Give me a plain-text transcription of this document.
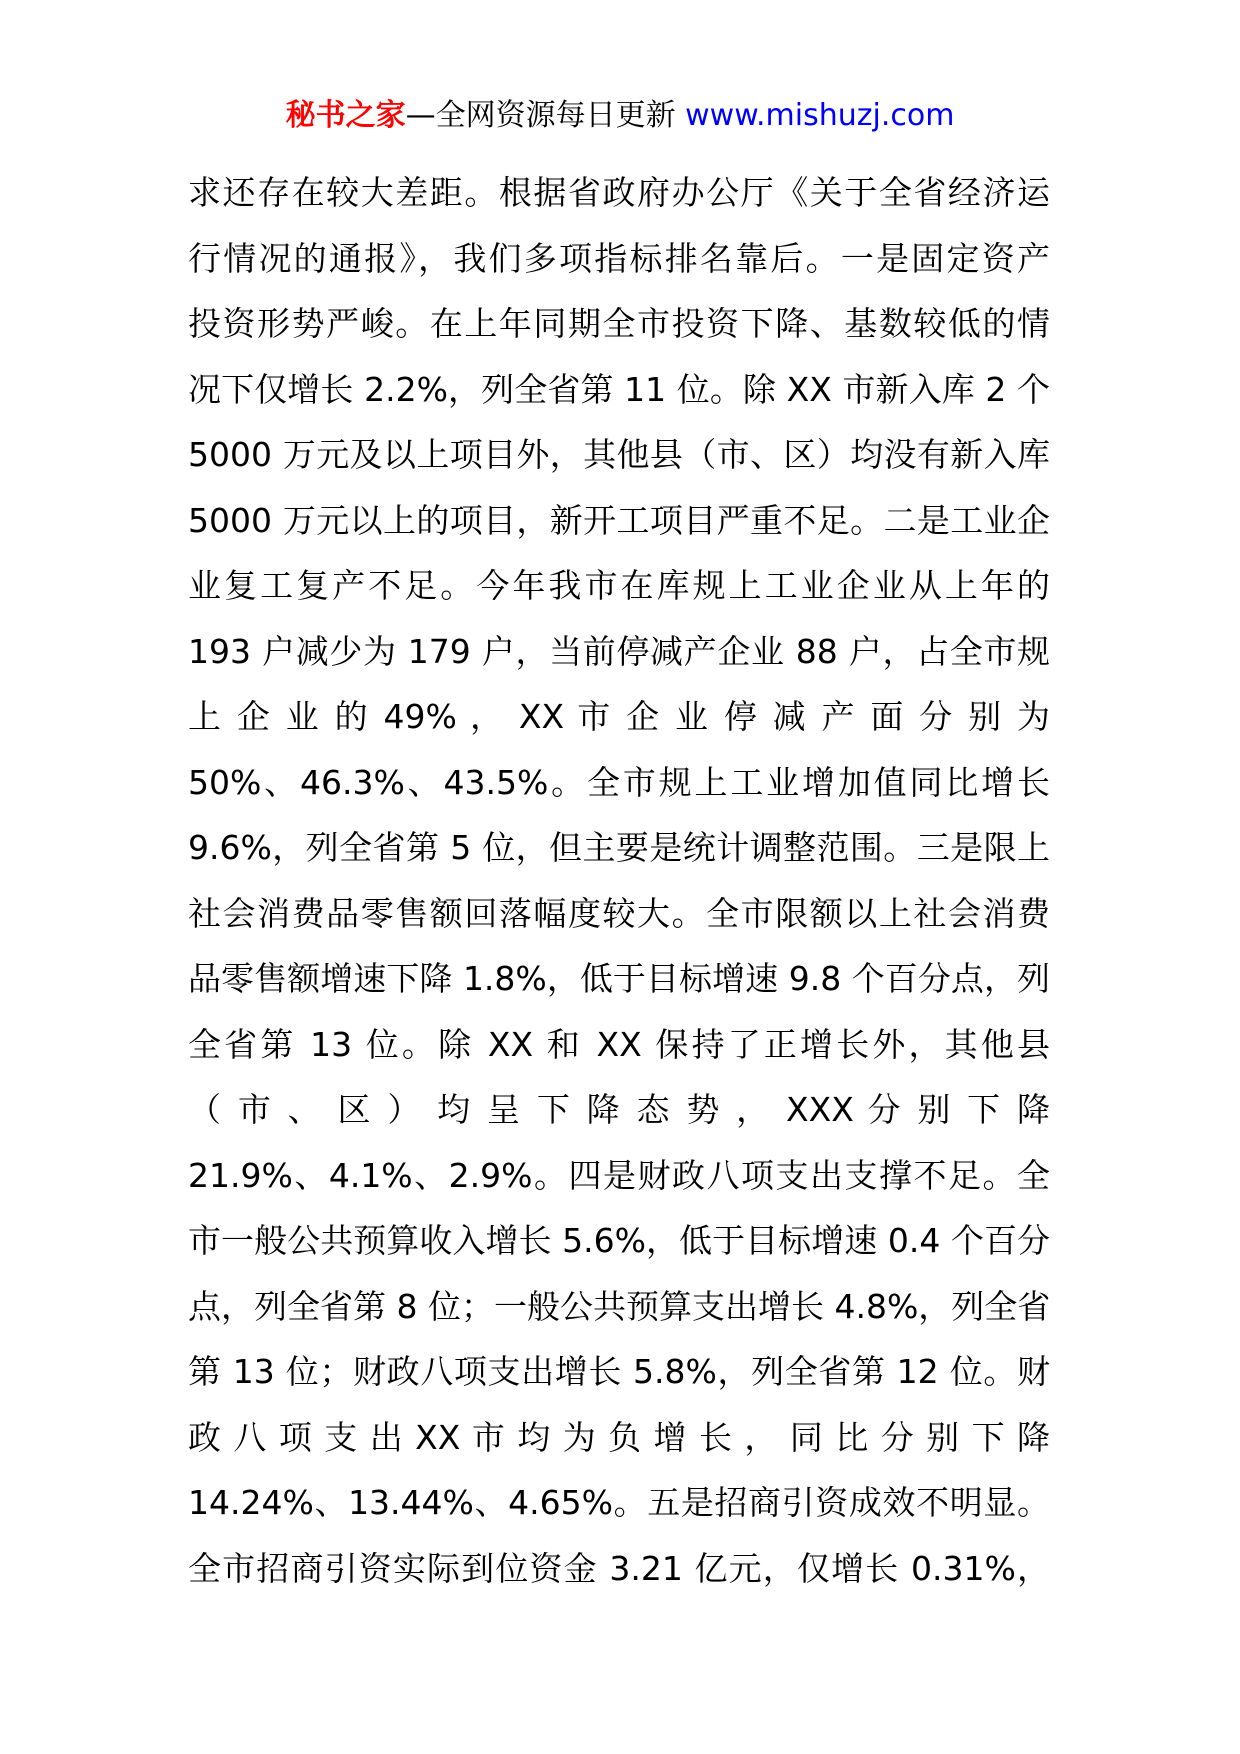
秘书之家—全网资源每日更新 www.mishuzj.com
求还存在较大差距。根据省政府办公厅《关于全省经济运
行情况的通报》，我们多项指标排名靠后。一是固定资产
投资形势严峻。在上年同期全市投资下降、基数较低的情
况下仅增长 2.2%，列全省第 11 位。除 XX 市新入库 2 个
5000 万元及以上项目外，其他县（市、区）均没有新入库
5000 万元以上的项目，新开工项目严重不足。二是工业企
业复工复产不足。今年我市在库规上工业企业从上年的
193 户减少为 179 户，当前停减产企业 88 户，占全市规
上 企 业 的 49% ， XX 市 企 业 停 减 产 面 分 别 为
50%、46.3%、43.5%。全市规上工业增加值同比增长
9.6%，列全省第 5 位，但主要是统计调整范围。三是限上
社会消费品零售额回落幅度较大。全市限额以上社会消费
品零售额增速下降 1.8%，低于目标增速 9.8 个百分点，列
全省第 13 位。除 XX 和 XX 保持了正增长外，其他县
（ 市 、 区 ） 均 呈 下 降 态 势 ， XXX 分 别 下 降
21.9%、4.1%、2.9%。四是财政八项支出支撑不足。全
市一般公共预算收入增长 5.6%，低于目标增速 0.4 个百分
点，列全省第 8 位；一般公共预算支出增长 4.8%，列全省
第 13 位；财政八项支出增长 5.8%，列全省第 12 位。财
政 八 项 支 出 XX 市 均 为 负 增 长 ， 同 比 分 别 下 降
14.24%、13.44%、4.65%。五是招商引资成效不明显。
全市招商引资实际到位资金 3.21 亿元，仅增长 0.31%，
